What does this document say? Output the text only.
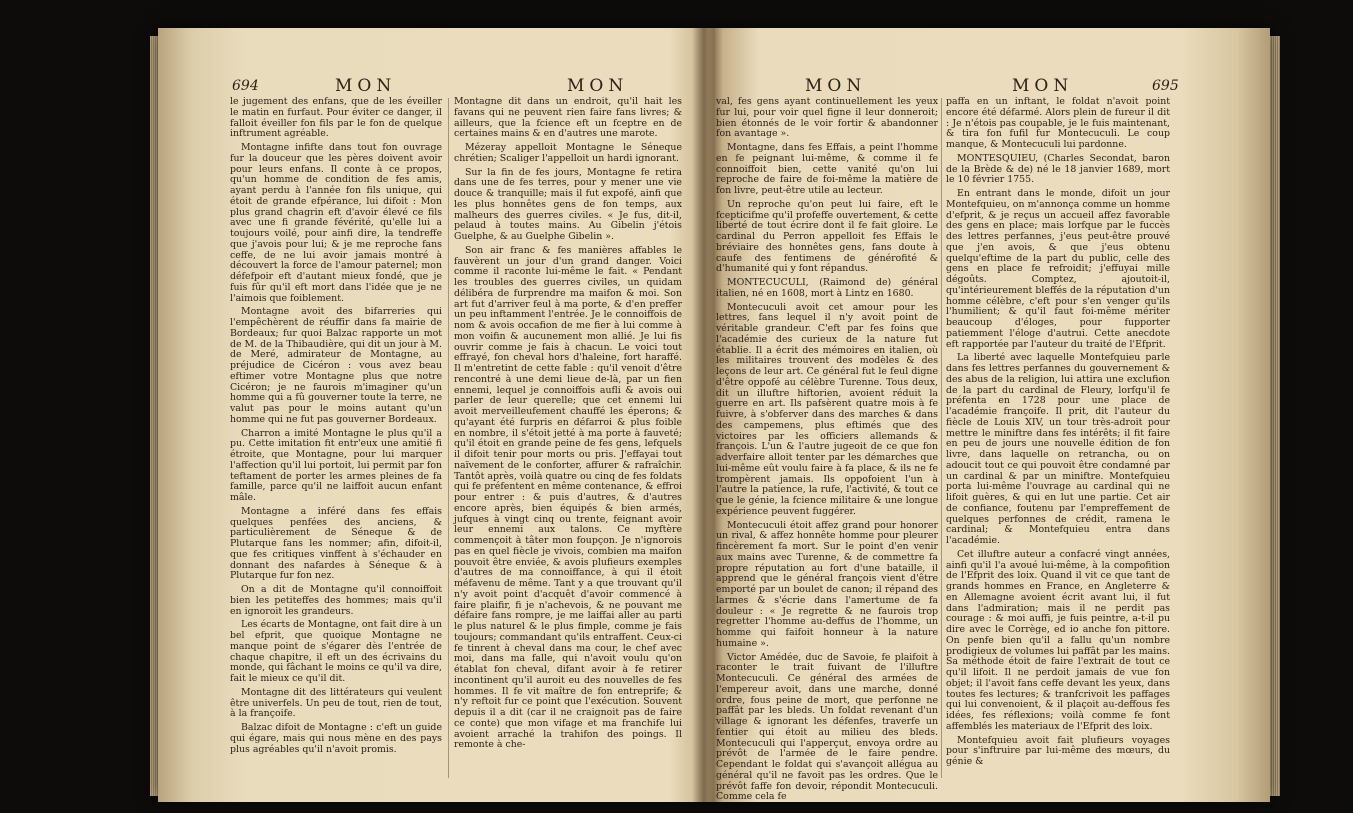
694	MON	MON

le jugement des enfans, que de les éveiller le matin en furfaut. Pour éviter ce danger, il falloit éveiller fon fils par le fon de quelque inftrument agréable.

Montagne infifte dans tout fon ouvrage fur la douceur que les pères doivent avoir pour leurs enfans. Il conte à ce propos, qu'un homme de condition de fes amis, ayant perdu à l'année fon fils unique, qui étoit de grande efpérance, lui difoit : Mon plus grand chagrin eft d'avoir élevé ce fils avec une fi grande févérité, qu'elle lui a toujours voilé, pour ainfi dire, la tendreffe que j'avois pour lui; & je me reproche fans ceffe, de ne lui avoir jamais montré à découvert la force de l'amour paternel; mon défefpoir eft d'autant mieux fondé, que je fuis fûr qu'il eft mort dans l'idée que je ne l'aimois que foiblement.

Montagne avoit des bifarreries qui l'empêchèrent de réuffir dans fa mairie de Bordeaux; fur quoi Balzac rapporte un mot de M. de la Thibaudière, qui dit un jour à M. de Meré, admirateur de Montagne, au préjudice de Cicéron : vous avez beau eftimer votre Montagne plus que notre Cicéron; je ne faurois m'imaginer qu'un homme qui a fû gouverner toute la terre, ne valut pas pour le moins autant qu'un homme qui ne fut pas gouverner Bordeaux.

Charron a imité Montagne le plus qu'il a pu. Cette imitation fit entr'eux une amitié fi étroite, que Montagne, pour lui marquer l'affection qu'il lui portoit, lui permit par fon teftament de porter les armes pleines de fa famille, parce qu'il ne laiffoit aucun enfant mâle.

Montagne a inféré dans fes effais quelques penfées des anciens, & particulièrement de Séneque & de Plutarque fans les nommer; afin, difoit-il, que fes critiques vinffent à s'échauder en donnant des nafardes à Séneque & à Plutarque fur fon nez.

On a dit de Montagne qu'il connoiffoit bien les petiteffes des hommes; mais qu'il en ignoroit les grandeurs.

Les écarts de Montagne, ont fait dire à un bel efprit, que quoique Montagne ne manque point de s'égarer dès l'entrée de chaque chapitre, il eft un des écrivains du monde, qui fâchant le moins ce qu'il va dire, fait le mieux ce qu'il dit.

Montagne dit des littérateurs qui veulent être univerfels. Un peu de tout, rien de tout, à la françoife.

Balzac difoit de Montagne : c'eft un guide qui égare, mais qui nous mène en des pays plus agréables qu'il n'avoit promis.

Montagne dit dans un endroit, qu'il hait les favans qui ne peuvent rien faire fans livres; & ailleurs, que la fcience eft un fceptre en de certaines mains & en d'autres une marote.

Mézeray appelloit Montagne le Séneque chrétien; Scaliger l'appelloit un hardi ignorant.

Sur la fin de fes jours, Montagne fe retira dans une de fes terres, pour y mener une vie douce & tranquille; mais il fut expofé, ainfi que les plus honnêtes gens de fon temps, aux malheurs des guerres civiles. « Je fus, dit-il, pelaud à toutes mains. Au Gibelin j'étois Guelphe, & au Guelphe Gibelin ».

Son air franc & fes manières affables le fauvèrent un jour d'un grand danger. Voici comme il raconte lui-même le fait. « Pendant les troubles des guerres civiles, un quidam délibéra de furprendre ma maifon & moi. Son art fut d'arriver feul à ma porte, & d'en preffer un peu inftamment l'entrée. Je le connoiffois de nom & avois occafion de me fier à lui comme à mon voifin & aucunement mon allié. Je lui fis ouvrir comme je fais à chacun. Le voici tout effrayé, fon cheval hors d'haleine, fort haraffé. Il m'entretint de cette fable : qu'il venoit d'être rencontré à une demi lieue de-là, par un fien ennemi, lequel je connoiffois aufli & avois oui parler de leur querelle; que cet ennemi lui avoit merveilleufement chauffé les éperons; & qu'ayant été furpris en défarroi & plus foible en nombre, il s'étoit jetté à ma porte à fauveté; qu'il étoit en grande peine de fes gens, lefquels il difoit tenir pour morts ou pris. J'effayai tout naïvement de le conforter, affurer & rafraîchir. Tantôt après, voilà quatre ou cinq de fes foldats qui fe préfentent en même contenance, & effroi pour entrer : & puis d'autres, & d'autres encore après, bien équipés & bien armés, jufques à vingt cinq ou trente, feignant avoir leur ennemi aux talons. Ce myftère commençoit à tâter mon foupçon. Je n'ignorois pas en quel fiècle je vivois, combien ma maifon pouvoit être enviée, & avois plufieurs exemples d'autres de ma connoiffance, à qui il étoit méfavenu de même. Tant y a que trouvant qu'il n'y avoit point d'acquêt d'avoir commencé à faire plaifir, fi je n'achevois, & ne pouvant me défaire fans rompre, je me laiffai aller au parti le plus naturel & le plus fimple, comme je fais toujours; commandant qu'ils entraffent. Ceux-ci fe tinrent à cheval dans ma cour, le chef avec moi, dans ma falle, qui n'avoit voulu qu'on établat fon cheval, difant avoir à fe retirer incontinent qu'il auroit eu des nouvelles de fes hommes. Il fe vit maître de fon entreprife; & n'y reftoit fur ce point que l'exécution. Souvent depuis il a dit (car il ne craignoit pas de faire ce conte) que mon vifage et ma franchife lui avoient arraché la trahifon des poings. Il remonte à che-

MON	MON	695

val, fes gens ayant continuellement les yeux fur lui, pour voir quel figne il leur donneroit; bien étonnés de le voir fortir & abandonner fon avantage ».

Montagne, dans fes Effais, a peint l'homme en fe peignant lui-même, & comme il fe connoiffoit bien, cette vanité qu'on lui reproche de faire de foi-même la matière de fon livre, peut-être utile au lecteur.

Un reproche qu'on peut lui faire, eft le fcepticifme qu'il profeffe ouvertement, & cette liberté de tout écrire dont il fe fait gloire. Le cardinal du Perron appelloit fes Effais le bréviaire des honnêtes gens, fans doute à caufe des fentimens de générofité & d'humanité qui y font répandus.

MONTECUCULI, (Raimond de) général italien, né en 1608, mort à Lintz en 1680.

Montecuculi avoit cet amour pour les lettres, fans lequel il n'y avoit point de véritable grandeur. C'eft par fes foins que l'académie des curieux de la nature fut établie. Il a écrit des mémoires en italien, où les militaires trouvent des modèles & des leçons de leur art. Ce général fut le feul digne d'être oppofé au célèbre Turenne. Tous deux, dit un illuftre hiftorien, avoient réduit la guerre en art. Ils pafsèrent quatre mois à fe fuivre, à s'obferver dans des marches & dans des campemens, plus eftimés que des victoires par les officiers allemands & françois. L'un & l'autre jugeoit de ce que fon adverfaire alloit tenter par les démarches que lui-même eût voulu faire à fa place, & ils ne fe trompèrent jamais. Ils oppofoient l'un à l'autre la patience, la rufe, l'activité, & tout ce que le génie, la fcience militaire & une longue expérience peuvent fuggérer.

Montecuculi étoit affez grand pour honorer un rival, & affez honnête homme pour pleurer fincèrement fa mort. Sur le point d'en venir aux mains avec Turenne, & de commettre fa propre réputation au fort d'une bataille, il apprend que le général françois vient d'être emporté par un boulet de canon; il répand des larmes & s'écrie dans l'amertume de fa douleur : « Je regrette & ne faurois trop regretter l'homme au-deffus de l'homme, un homme qui faifoit honneur à la nature humaine ».

Victor Amédée, duc de Savoie, fe plaifoit à raconter le trait fuivant de l'illuftre Montecuculi. Ce général des armées de l'empereur avoit, dans une marche, donné ordre, fous peine de mort, que perfonne ne paffât par les bleds. Un foldat revenant d'un village & ignorant les défenfes, traverfe un fentier qui étoit au milieu des bleds. Montecuculi qui l'apperçut, envoya ordre au prévôt de l'armée de le faire pendre. Cependant le foldat qui s'avançoit allégua au général qu'il ne favoit pas les ordres. Que le prévôt faffe fon devoir, répondit Montecuculi. Comme cela fe

paffa en un inftant, le foldat n'avoit point encore été défarmé. Alors plein de fureur il dit : Je n'étois pas coupable, je le fuis maintenant, & tira fon fufil fur Montecuculi. Le coup manque, & Montecuculi lui pardonne.

MONTESQUIEU, (Charles Secondat, baron de la Brède & de) né le 18 janvier 1689, mort le 10 février 1755.

En entrant dans le monde, difoit un jour Montefquieu, on m'annonça comme un homme d'efprit, & je reçus un accueil affez favorable des gens en place; mais lorfque par le fuccès des lettres perfannes, j'eus peut-être prouvé que j'en avois, & que j'eus obtenu quelqu'eftime de la part du public, celle des gens en place fe refroidit; j'effuyai mille dégoûts. Comptez, ajoutoit-il, qu'intérieurement bleffés de la réputation d'un homme célèbre, c'eft pour s'en venger qu'ils l'humilient; & qu'il faut foi-même mériter beaucoup d'éloges, pour fupporter patiemment l'éloge d'autrui. Cette anecdote eft rapportée par l'auteur du traité de l'Efprit.

La liberté avec laquelle Montefquieu parle dans fes lettres perfannes du gouvernement & des abus de la religion, lui attira une exclufion de la part du cardinal de Fleury, lorfqu'il fe préfenta en 1728 pour une place de l'académie françoife. Il prit, dit l'auteur du fiècle de Louis XIV, un tour très-adroit pour mettre le miniftre dans fes intérêts; il fit faire en peu de jours une nouvelle édition de fon livre, dans laquelle on retrancha, ou on adoucit tout ce qui pouvoit être condamné par un cardinal & par un miniftre. Montefquieu porta lui-même l'ouvrage au cardinal qui ne lifoit guères, & qui en lut une partie. Cet air de confiance, foutenu par l'empreffement de quelques perfonnes de crédit, ramena le cardinal; & Montefquieu entra dans l'académie.

Cet illuftre auteur a confacré vingt années, ainfi qu'il l'a avoué lui-même, à la compofition de l'Efprit des loix. Quand il vit ce que tant de grands hommes en France, en Angleterre & en Allemagne avoient écrit avant lui, il fut dans l'admiration; mais il ne perdit pas courage : & moi auffi, je fuis peintre, a-t-il pu dire avec le Corrège, ed io anche fon pittore. On penfe bien qu'il a fallu qu'un nombre prodigieux de volumes lui paffât par les mains. Sa méthode étoit de faire l'extrait de tout ce qu'il lifoit. Il ne perdoit jamais de vue fon objet; il l'avoit fans ceffe devant les yeux, dans toutes fes lectures; & tranfcrivoit les paffages qui lui convenoient, & il plaçoit au-deffous fes idées, fes réflexions; voilà comme fe font affemblés les materiaux de l'Efprit des loix.

Montefquieu avoit fait plufieurs voyages pour s'inftruire par lui-même des mœurs, du génie &
